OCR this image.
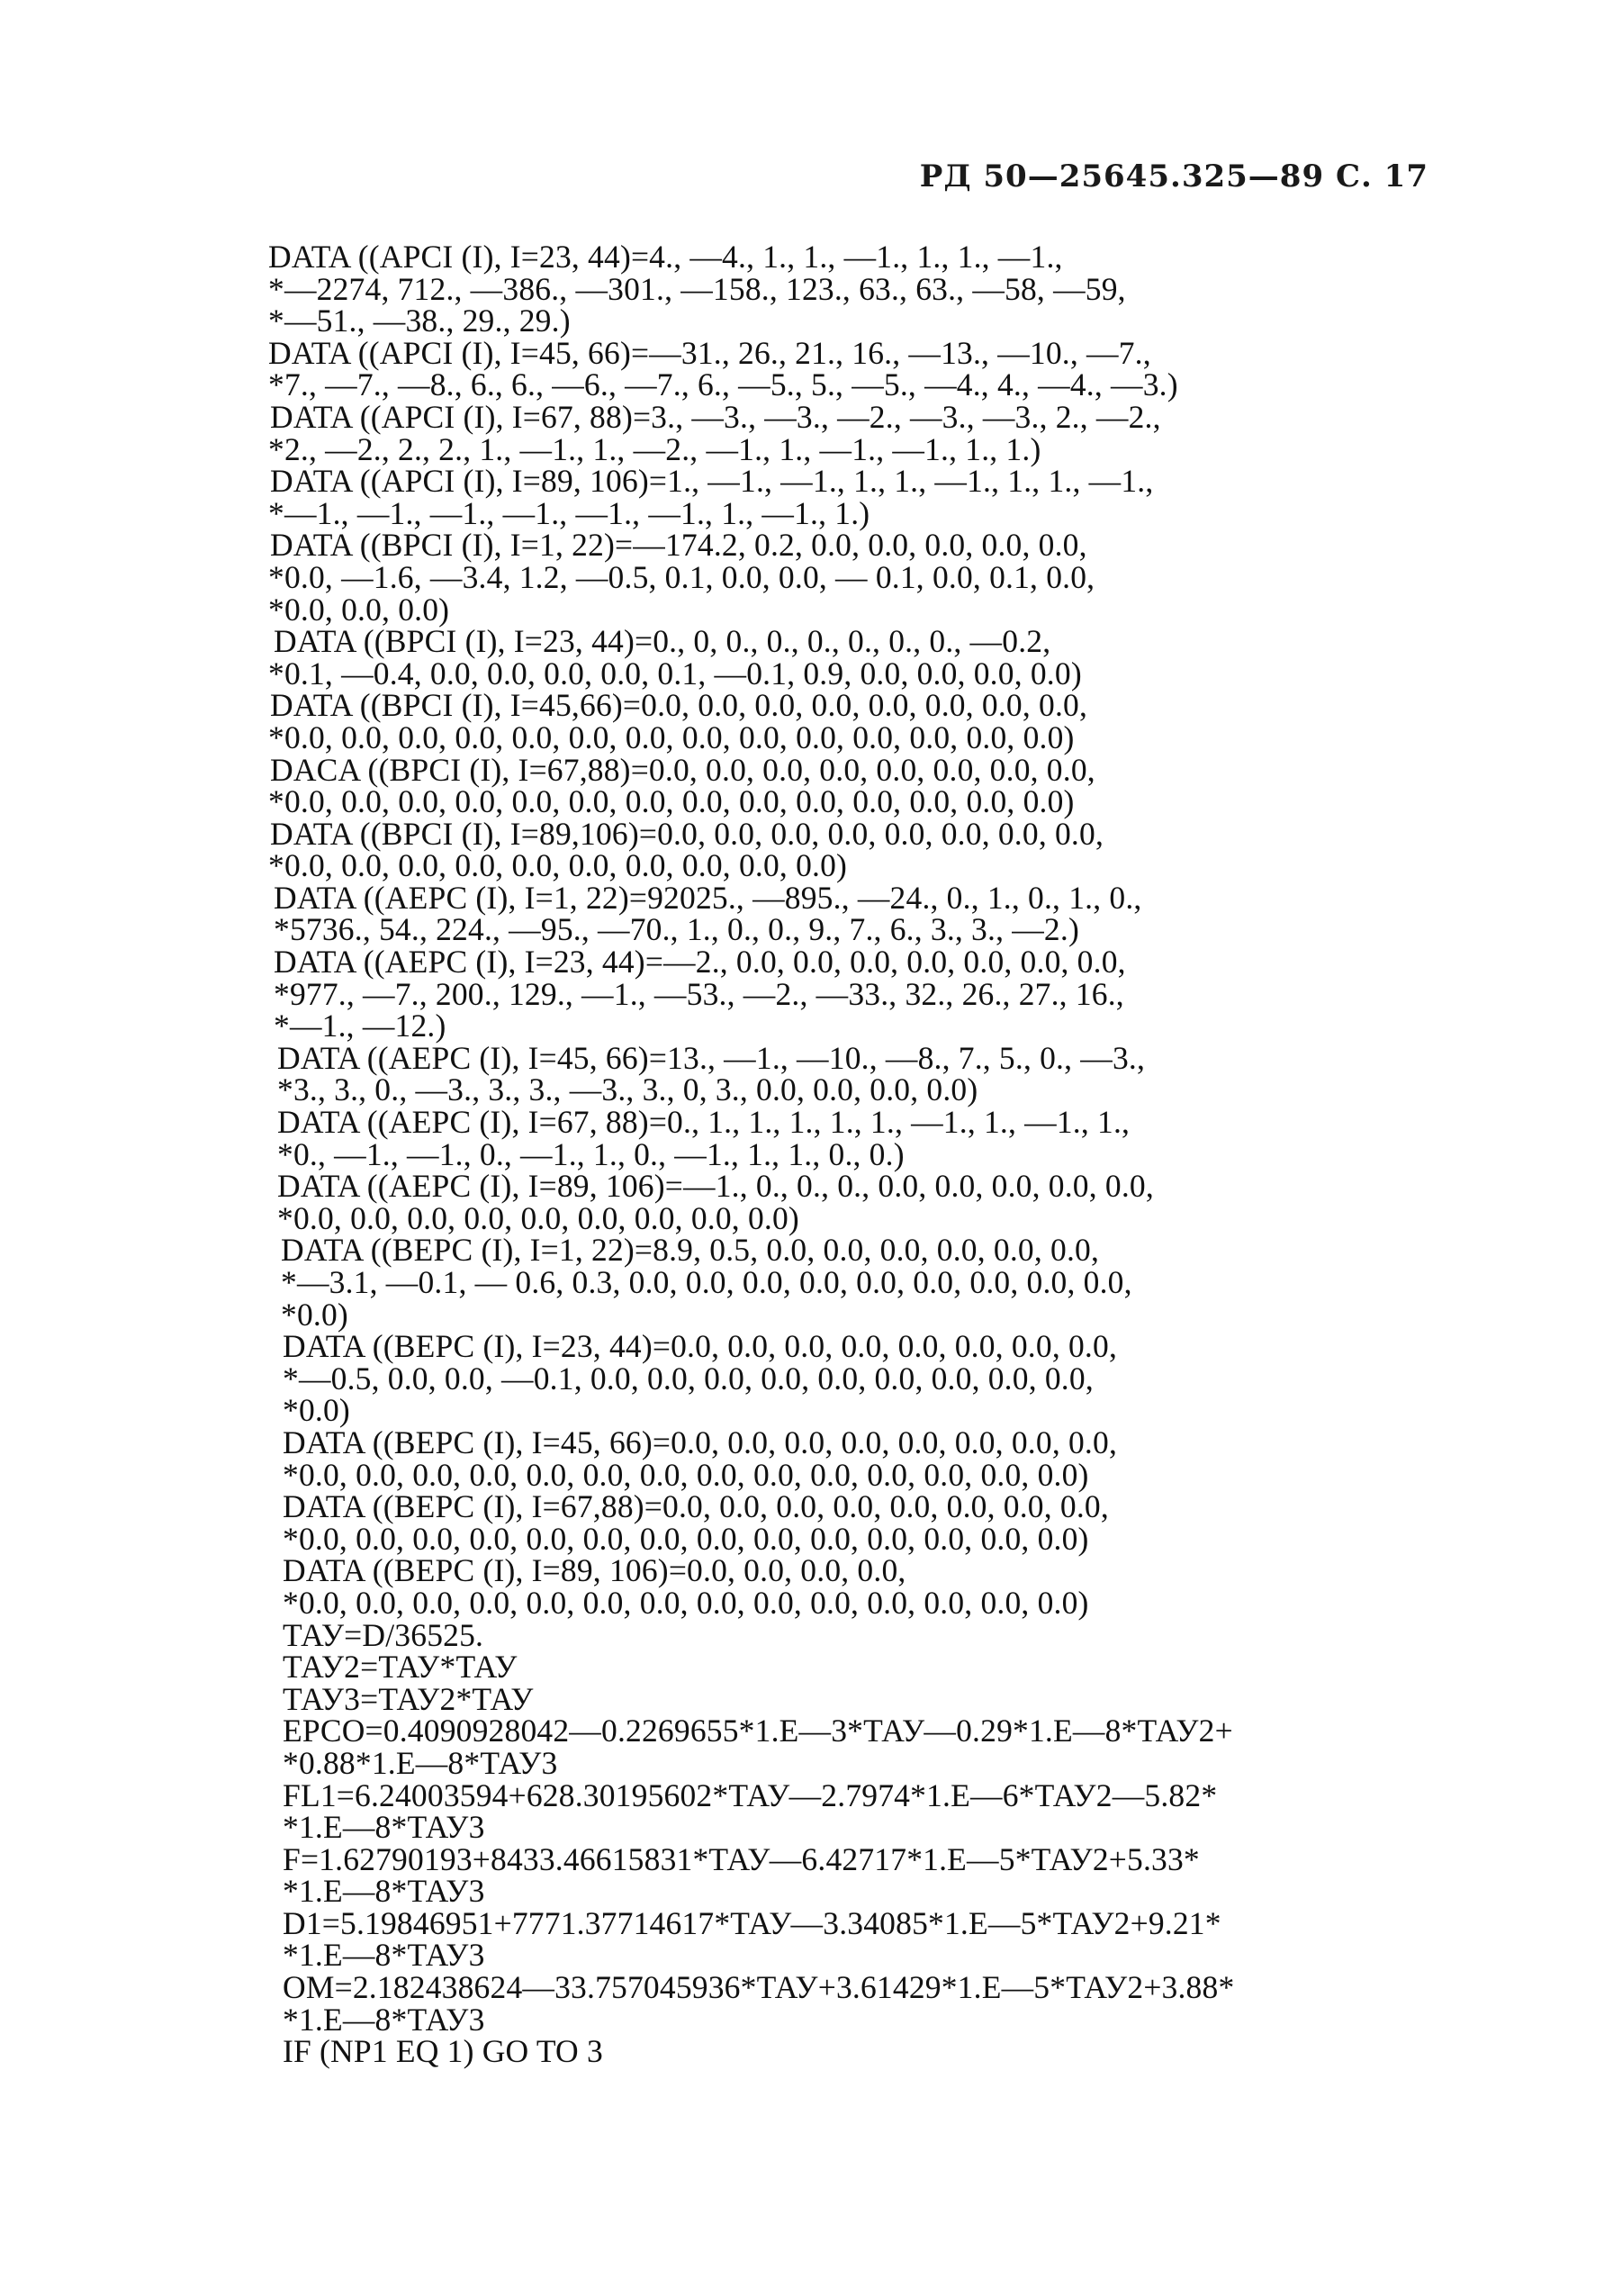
РД 50—25645.325—89 С. 17
DATA ((APCI (I), I=23, 44)=4., —4., 1., 1., —1., 1., 1., —1.,
*—2274, 712., —386., —301., —158., 123., 63., 63., —58, —59,
*—51., —38., 29., 29.)
DATA ((APCI (I), I=45, 66)=—31., 26., 21., 16., —13., —10., —7.,
*7., —7., —8., 6., 6., —6., —7., 6., —5., 5., —5., —4., 4., —4., —3.)
DATA ((APCI (I), I=67, 88)=3., —3., —3., —2., —3., —3., 2., —2.,
*2., —2., 2., 2., 1., —1., 1., —2., —1., 1., —1., —1., 1., 1.)
DATA ((APCI (I), I=89, 106)=1., —1., —1., 1., 1., —1., 1., 1., —1.,
*—1., —1., —1., —1., —1., —1., 1., —1., 1.)
DATA ((BPCI (I), I=1, 22)=—174.2, 0.2, 0.0, 0.0, 0.0, 0.0, 0.0,
*0.0, —1.6, —3.4, 1.2, —0.5, 0.1, 0.0, 0.0, — 0.1, 0.0, 0.1, 0.0,
*0.0, 0.0, 0.0)
DATA ((BPCI (I), I=23, 44)=0., 0, 0., 0., 0., 0., 0., 0., —0.2,
*0.1, —0.4, 0.0, 0.0, 0.0, 0.0, 0.1, —0.1, 0.9, 0.0, 0.0, 0.0, 0.0)
DATA ((BPCI (I), I=45,66)=0.0, 0.0, 0.0, 0.0, 0.0, 0.0, 0.0, 0.0,
*0.0, 0.0, 0.0, 0.0, 0.0, 0.0, 0.0, 0.0, 0.0, 0.0, 0.0, 0.0, 0.0, 0.0)
DACA ((BPCI (I), I=67,88)=0.0, 0.0, 0.0, 0.0, 0.0, 0.0, 0.0, 0.0,
*0.0, 0.0, 0.0, 0.0, 0.0, 0.0, 0.0, 0.0, 0.0, 0.0, 0.0, 0.0, 0.0, 0.0)
DATA ((BPCI (I), I=89,106)=0.0, 0.0, 0.0, 0.0, 0.0, 0.0, 0.0, 0.0,
*0.0, 0.0, 0.0, 0.0, 0.0, 0.0, 0.0, 0.0, 0.0, 0.0)
DATA ((AEPC (I), I=1, 22)=92025., —895., —24., 0., 1., 0., 1., 0.,
*5736., 54., 224., —95., —70., 1., 0., 0., 9., 7., 6., 3., 3., —2.)
DATA ((AEPC (I), I=23, 44)=—2., 0.0, 0.0, 0.0, 0.0, 0.0, 0.0, 0.0,
*977., —7., 200., 129., —1., —53., —2., —33., 32., 26., 27., 16.,
*—1., —12.)
DATA ((AEPC (I), I=45, 66)=13., —1., —10., —8., 7., 5., 0., —3.,
*3., 3., 0., —3., 3., 3., —3., 3., 0, 3., 0.0, 0.0, 0.0, 0.0)
DATA ((AEPC (I), I=67, 88)=0., 1., 1., 1., 1., 1., —1., 1., —1., 1.,
*0., —1., —1., 0., —1., 1., 0., —1., 1., 1., 0., 0.)
DATA ((AEPC (I), I=89, 106)=—1., 0., 0., 0., 0.0, 0.0, 0.0, 0.0, 0.0,
*0.0, 0.0, 0.0, 0.0, 0.0, 0.0, 0.0, 0.0, 0.0)
DATA ((BEPC (I), I=1, 22)=8.9, 0.5, 0.0, 0.0, 0.0, 0.0, 0.0, 0.0,
*—3.1, —0.1, — 0.6, 0.3, 0.0, 0.0, 0.0, 0.0, 0.0, 0.0, 0.0, 0.0, 0.0,
*0.0)
DATA ((BEPC (I), I=23, 44)=0.0, 0.0, 0.0, 0.0, 0.0, 0.0, 0.0, 0.0,
*—0.5, 0.0, 0.0, —0.1, 0.0, 0.0, 0.0, 0.0, 0.0, 0.0, 0.0, 0.0, 0.0,
*0.0)
DATA ((BEPC (I), I=45, 66)=0.0, 0.0, 0.0, 0.0, 0.0, 0.0, 0.0, 0.0,
*0.0, 0.0, 0.0, 0.0, 0.0, 0.0, 0.0, 0.0, 0.0, 0.0, 0.0, 0.0, 0.0, 0.0)
DATA ((BEPC (I), I=67,88)=0.0, 0.0, 0.0, 0.0, 0.0, 0.0, 0.0, 0.0,
*0.0, 0.0, 0.0, 0.0, 0.0, 0.0, 0.0, 0.0, 0.0, 0.0, 0.0, 0.0, 0.0, 0.0)
DATA ((BEPC (I), I=89, 106)=0.0, 0.0, 0.0, 0.0,
*0.0, 0.0, 0.0, 0.0, 0.0, 0.0, 0.0, 0.0, 0.0, 0.0, 0.0, 0.0, 0.0, 0.0)
ТАУ=D/36525.
ТАУ2=ТАУ*ТАУ
ТАУ3=ТАУ2*ТАУ
EPCO=0.4090928042—0.2269655*1.E—3*ТАУ—0.29*1.E—8*ТАУ2+
*0.88*1.E—8*ТАУ3
FL1=6.24003594+628.30195602*ТАУ—2.7974*1.E—6*ТАУ2—5.82*
*1.E—8*ТАУ3
F=1.62790193+8433.46615831*ТАУ—6.42717*1.E—5*ТАУ2+5.33*
*1.E—8*ТАУ3
D1=5.19846951+7771.37714617*ТАУ—3.34085*1.E—5*ТАУ2+9.21*
*1.E—8*ТАУ3
OM=2.182438624—33.757045936*ТАУ+3.61429*1.E—5*ТАУ2+3.88*
*1.E—8*ТАУ3
IF (NP1 EQ 1) GO TO 3
